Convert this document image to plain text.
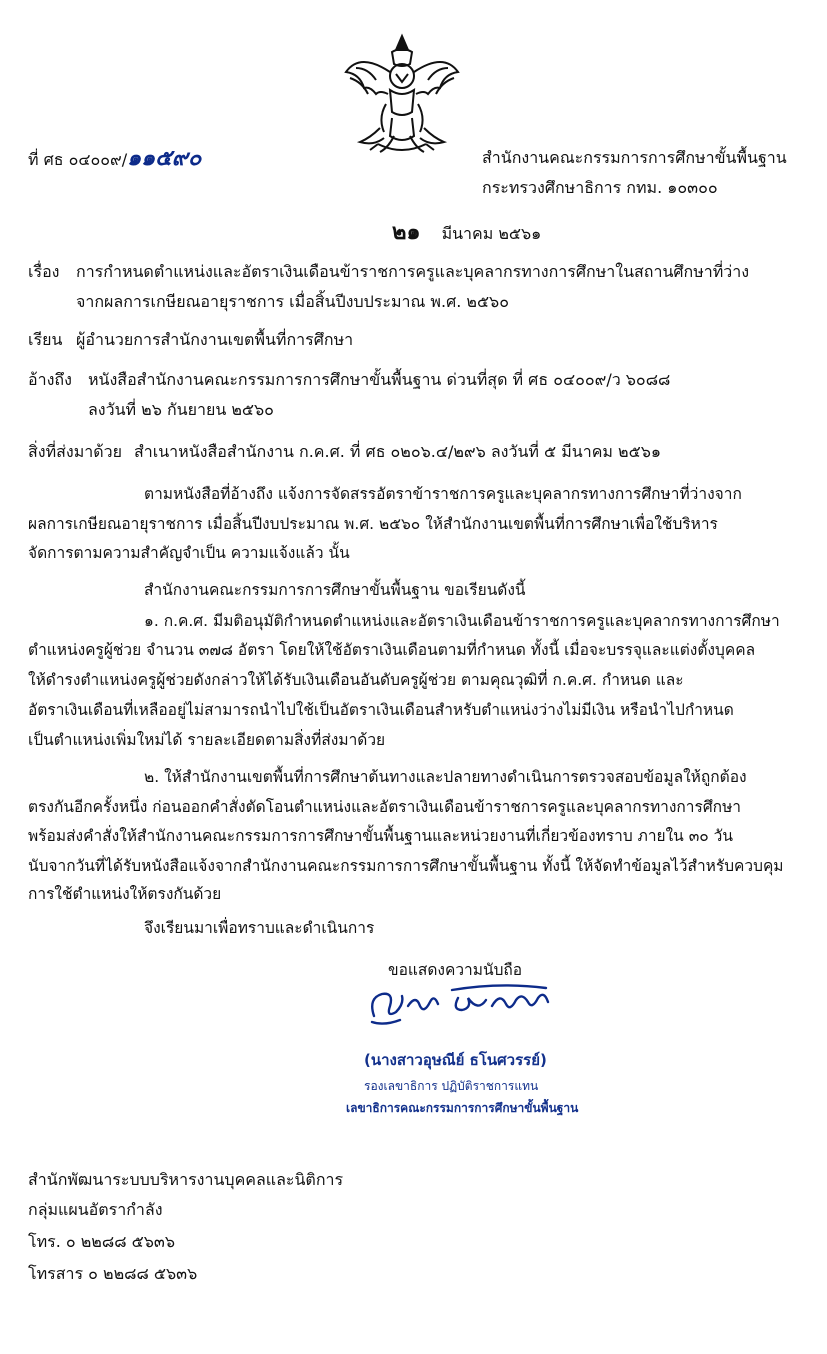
ที่ ศธ ๐๔๐๐๙/๑๑๕๙๐	สำนักงานคณะกรรมการการศึกษาขั้นพื้นฐาน
กระทรวงศึกษาธิการ กทม. ๑๐๓๐๐
๒๑ มีนาคม ๒๕๖๑
เรื่อง การกำหนดตำแหน่งและอัตราเงินเดือนข้าราชการครูและบุคลากรทางการศึกษาในสถานศึกษาที่ว่าง
จากผลการเกษียณอายุราชการ เมื่อสิ้นปีงบประมาณ พ.ศ. ๒๕๖๐
เรียน ผู้อำนวยการสำนักงานเขตพื้นที่การศึกษา
อ้างถึง หนังสือสำนักงานคณะกรรมการการศึกษาขั้นพื้นฐาน ด่วนที่สุด ที่ ศธ ๐๔๐๐๙/ว ๖๐๘๘
ลงวันที่ ๒๖ กันยายน ๒๕๖๐
สิ่งที่ส่งมาด้วย สำเนาหนังสือสำนักงาน ก.ค.ศ. ที่ ศธ ๐๒๐๖.๔/๒๙๖ ลงวันที่ ๕ มีนาคม ๒๕๖๑
ตามหนังสือที่อ้างถึง แจ้งการจัดสรรอัตราข้าราชการครูและบุคลากรทางการศึกษาที่ว่างจาก
ผลการเกษียณอายุราชการ เมื่อสิ้นปีงบประมาณ พ.ศ. ๒๕๖๐ ให้สำนักงานเขตพื้นที่การศึกษาเพื่อใช้บริหาร
จัดการตามความสำคัญจำเป็น ความแจ้งแล้ว นั้น
สำนักงานคณะกรรมการการศึกษาขั้นพื้นฐาน ขอเรียนดังนี้
๑. ก.ค.ศ. มีมติอนุมัติกำหนดตำแหน่งและอัตราเงินเดือนข้าราชการครูและบุคลากรทางการศึกษา
ตำแหน่งครูผู้ช่วย จำนวน ๓๗๘ อัตรา โดยให้ใช้อัตราเงินเดือนตามที่กำหนด ทั้งนี้ เมื่อจะบรรจุและแต่งตั้งบุคคล
ให้ดำรงตำแหน่งครูผู้ช่วยดังกล่าวให้ได้รับเงินเดือนอันดับครูผู้ช่วย ตามคุณวุฒิที่ ก.ค.ศ. กำหนด และ
อัตราเงินเดือนที่เหลืออยู่ไม่สามารถนำไปใช้เป็นอัตราเงินเดือนสำหรับตำแหน่งว่างไม่มีเงิน หรือนำไปกำหนด
เป็นตำแหน่งเพิ่มใหม่ได้ รายละเอียดตามสิ่งที่ส่งมาด้วย
๒. ให้สำนักงานเขตพื้นที่การศึกษาต้นทางและปลายทางดำเนินการตรวจสอบข้อมูลให้ถูกต้อง
ตรงกันอีกครั้งหนึ่ง ก่อนออกคำสั่งตัดโอนตำแหน่งและอัตราเงินเดือนข้าราชการครูและบุคลากรทางการศึกษา
พร้อมส่งคำสั่งให้สำนักงานคณะกรรมการการศึกษาขั้นพื้นฐานและหน่วยงานที่เกี่ยวข้องทราบ ภายใน ๓๐ วัน
นับจากวันที่ได้รับหนังสือแจ้งจากสำนักงานคณะกรรมการการศึกษาขั้นพื้นฐาน ทั้งนี้ ให้จัดทำข้อมูลไว้สำหรับควบคุม
การใช้ตำแหน่งให้ตรงกันด้วย
จึงเรียนมาเพื่อทราบและดำเนินการ
ขอแสดงความนับถือ
(นางสาวอุษณีย์ ธโนศวรรย์)
รองเลขาธิการ ปฏิบัติราชการแทน
เลขาธิการคณะกรรมการการศึกษาขั้นพื้นฐาน
สำนักพัฒนาระบบบริหารงานบุคคลและนิติการ
กลุ่มแผนอัตรากำลัง
โทร. ๐ ๒๒๘๘ ๕๖๓๖
โทรสาร ๐ ๒๒๘๘ ๕๖๓๖
